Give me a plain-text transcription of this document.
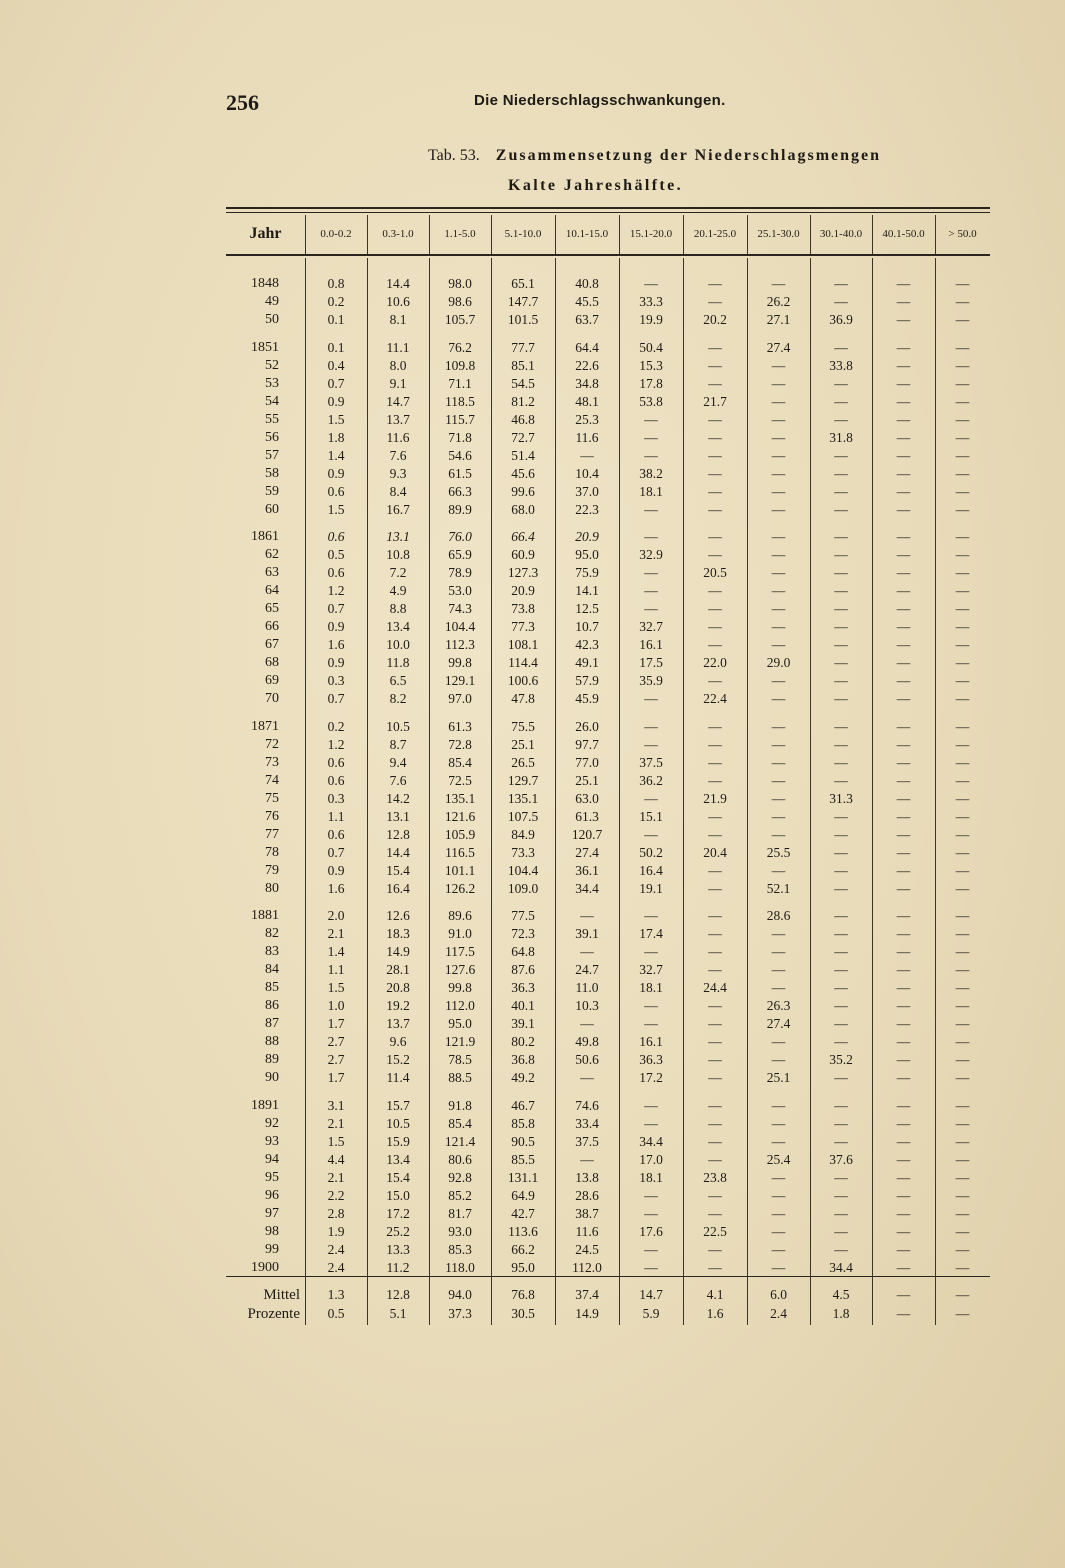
256	Die Niederschlagsschwankungen.
Tab. 53. Zusammensetzung der Niederschlagsmengen
Kalte Jahreshälfte.
Jahr	0.0-0.2	0.3-1.0	1.1-5.0	5.1-10.0	10.1-15.0	15.1-20.0	20.1-25.0	25.1-30.0	30.1-40.0	40.1-50.0	> 50.0
1848	0.8	14.4	98.0	65.1	40.8	—	—	—	—	—	—
49	0.2	10.6	98.6	147.7	45.5	33.3	—	26.2	—	—	—
50	0.1	8.1	105.7	101.5	63.7	19.9	20.2	27.1	36.9	—	—
1851	0.1	11.1	76.2	77.7	64.4	50.4	—	27.4	—	—	—
52	0.4	8.0	109.8	85.1	22.6	15.3	—	—	33.8	—	—
53	0.7	9.1	71.1	54.5	34.8	17.8	—	—	—	—	—
54	0.9	14.7	118.5	81.2	48.1	53.8	21.7	—	—	—	—
55	1.5	13.7	115.7	46.8	25.3	—	—	—	—	—	—
56	1.8	11.6	71.8	72.7	11.6	—	—	—	31.8	—	—
57	1.4	7.6	54.6	51.4	—	—	—	—	—	—	—
58	0.9	9.3	61.5	45.6	10.4	38.2	—	—	—	—	—
59	0.6	8.4	66.3	99.6	37.0	18.1	—	—	—	—	—
60	1.5	16.7	89.9	68.0	22.3	—	—	—	—	—	—
1861	0.6	13.1	76.0	66.4	20.9	—	—	—	—	—	—
62	0.5	10.8	65.9	60.9	95.0	32.9	—	—	—	—	—
63	0.6	7.2	78.9	127.3	75.9	—	20.5	—	—	—	—
64	1.2	4.9	53.0	20.9	14.1	—	—	—	—	—	—
65	0.7	8.8	74.3	73.8	12.5	—	—	—	—	—	—
66	0.9	13.4	104.4	77.3	10.7	32.7	—	—	—	—	—
67	1.6	10.0	112.3	108.1	42.3	16.1	—	—	—	—	—
68	0.9	11.8	99.8	114.4	49.1	17.5	22.0	29.0	—	—	—
69	0.3	6.5	129.1	100.6	57.9	35.9	—	—	—	—	—
70	0.7	8.2	97.0	47.8	45.9	—	22.4	—	—	—	—
1871	0.2	10.5	61.3	75.5	26.0	—	—	—	—	—	—
72	1.2	8.7	72.8	25.1	97.7	—	—	—	—	—	—
73	0.6	9.4	85.4	26.5	77.0	37.5	—	—	—	—	—
74	0.6	7.6	72.5	129.7	25.1	36.2	—	—	—	—	—
75	0.3	14.2	135.1	135.1	63.0	—	21.9	—	31.3	—	—
76	1.1	13.1	121.6	107.5	61.3	15.1	—	—	—	—	—
77	0.6	12.8	105.9	84.9	120.7	—	—	—	—	—	—
78	0.7	14.4	116.5	73.3	27.4	50.2	20.4	25.5	—	—	—
79	0.9	15.4	101.1	104.4	36.1	16.4	—	—	—	—	—
80	1.6	16.4	126.2	109.0	34.4	19.1	—	52.1	—	—	—
1881	2.0	12.6	89.6	77.5	—	—	—	28.6	—	—	—
82	2.1	18.3	91.0	72.3	39.1	17.4	—	—	—	—	—
83	1.4	14.9	117.5	64.8	—	—	—	—	—	—	—
84	1.1	28.1	127.6	87.6	24.7	32.7	—	—	—	—	—
85	1.5	20.8	99.8	36.3	11.0	18.1	24.4	—	—	—	—
86	1.0	19.2	112.0	40.1	10.3	—	—	26.3	—	—	—
87	1.7	13.7	95.0	39.1	—	—	—	27.4	—	—	—
88	2.7	9.6	121.9	80.2	49.8	16.1	—	—	—	—	—
89	2.7	15.2	78.5	36.8	50.6	36.3	—	—	35.2	—	—
90	1.7	11.4	88.5	49.2	—	17.2	—	25.1	—	—	—
1891	3.1	15.7	91.8	46.7	74.6	—	—	—	—	—	—
92	2.1	10.5	85.4	85.8	33.4	—	—	—	—	—	—
93	1.5	15.9	121.4	90.5	37.5	34.4	—	—	—	—	—
94	4.4	13.4	80.6	85.5	—	17.0	—	25.4	37.6	—	—
95	2.1	15.4	92.8	131.1	13.8	18.1	23.8	—	—	—	—
96	2.2	15.0	85.2	64.9	28.6	—	—	—	—	—	—
97	2.8	17.2	81.7	42.7	38.7	—	—	—	—	—	—
98	1.9	25.2	93.0	113.6	11.6	17.6	22.5	—	—	—	—
99	2.4	13.3	85.3	66.2	24.5	—	—	—	—	—	—
1900	2.4	11.2	118.0	95.0	112.0	—	—	—	34.4	—	—
Mittel	1.3	12.8	94.0	76.8	37.4	14.7	4.1	6.0	4.5	—	—
Prozente	0.5	5.1	37.3	30.5	14.9	5.9	1.6	2.4	1.8	—	—
